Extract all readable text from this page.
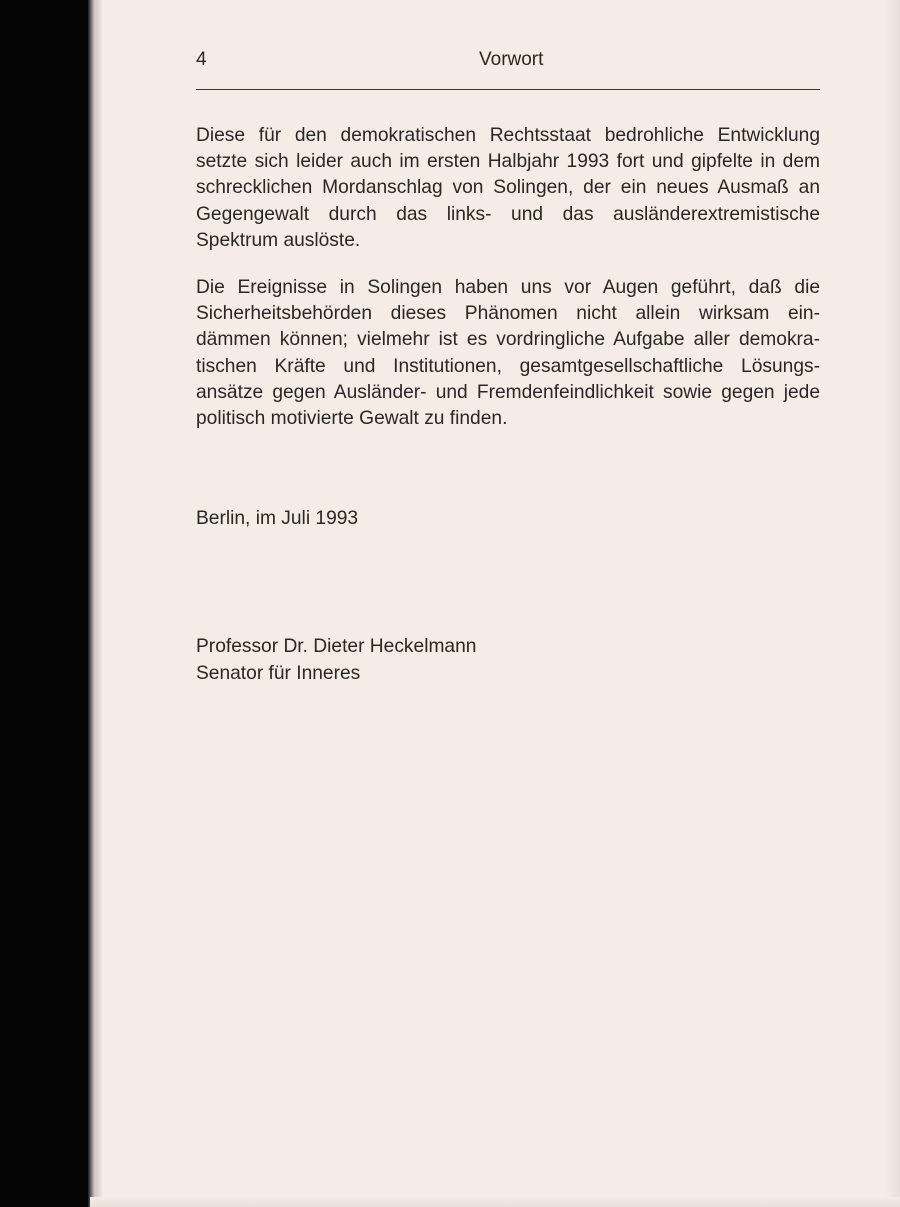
4	Vorwort

Diese für den demokratischen Rechtsstaat bedrohliche Entwicklung
setzte sich leider auch im ersten Halbjahr 1993 fort und gipfelte in dem
schrecklichen Mordanschlag von Solingen, der ein neues Ausmaß an
Gegengewalt durch das links- und das ausländerextremistische
Spektrum auslöste.

Die Ereignisse in Solingen haben uns vor Augen geführt, daß die
Sicherheitsbehörden dieses Phänomen nicht allein wirksam ein-
dämmen können; vielmehr ist es vordringliche Aufgabe aller demokra-
tischen Kräfte und Institutionen, gesamtgesellschaftliche Lösungs-
ansätze gegen Ausländer- und Fremdenfeindlichkeit sowie gegen jede
politisch motivierte Gewalt zu finden.

Berlin, im Juli 1993
Professor Dr. Dieter Heckelmann
Senator für Inneres
